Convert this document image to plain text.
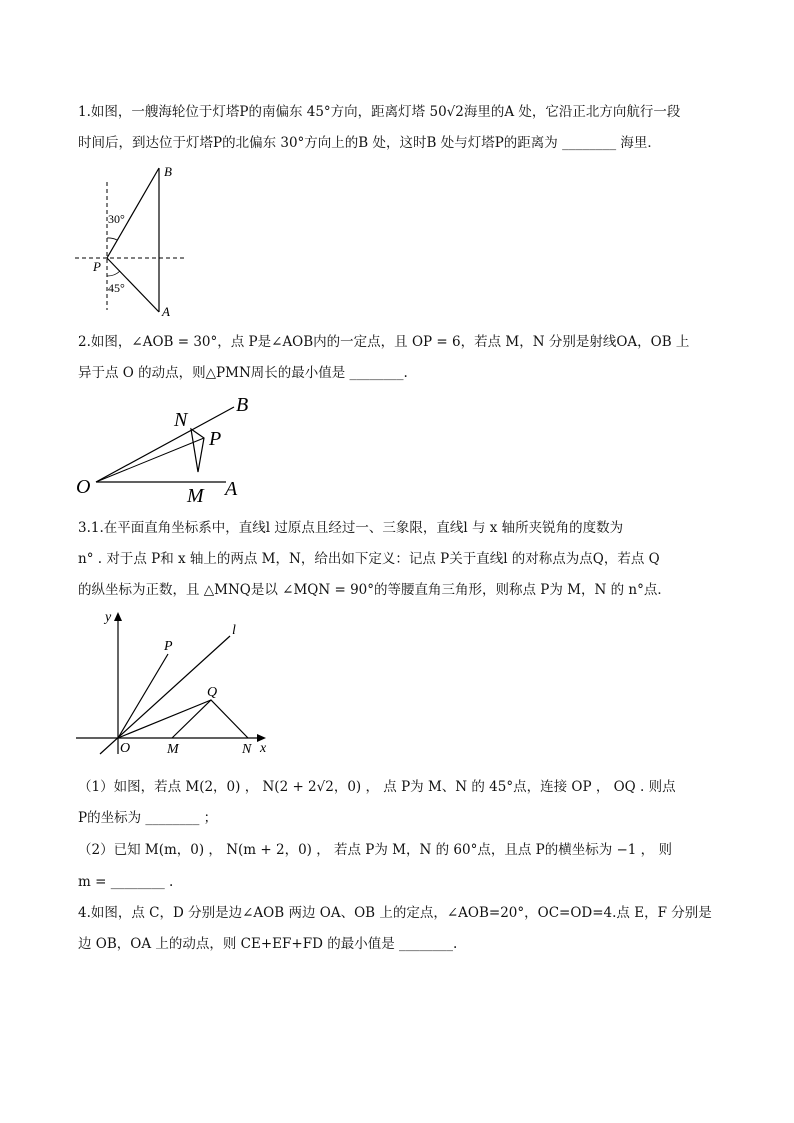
1.如图，一艘海轮位于灯塔P的南偏东 45°方向，距离灯塔 50√2海里的A 处，它沿正北方向航行一段
时间后，到达位于灯塔P的北偏东 30°方向上的B 处，这时B 处与灯塔P的距离为 ________ 海里．
B
P
A
30°
45°
2.如图，∠AOB = 30°，点 P是∠AOB内的一定点，且 OP = 6，若点 M，N 分别是射线OA，OB 上
异于点 O 的动点，则△PMN周长的最小值是 ________.
O	A
B
N
P
M
3.1.在平面直角坐标系中，直线l 过原点且经过一、三象限，直线l 与 x 轴所夹锐角的度数为
n° . 对于点 P和 x 轴上的两点 M，N，给出如下定义：记点 P关于直线l 的对称点为点Q，若点 Q
的纵坐标为正数，且 △MNQ是以 ∠MQN = 90°的等腰直角三角形，则称点 P为 M，N 的 n°点．
y
x
l
P
Q
O	M	N
（1）如图，若点 M(2，0) ， N(2 + 2√2，0) ， 点 P为 M、N 的 45°点，连接 OP ， OQ . 则点
P的坐标为 ________ ；
（2）已知 M(m，0) ， N(m + 2，0) ， 若点 P为 M，N 的 60°点，且点 P的横坐标为 −1 ， 则
m = ________ .
4.如图，点 C，D 分别是边∠AOB 两边 OA、OB 上的定点，∠AOB=20°，OC=OD=4.点 E，F 分别是
边 OB，OA 上的动点，则 CE+EF+FD 的最小值是 ________.
